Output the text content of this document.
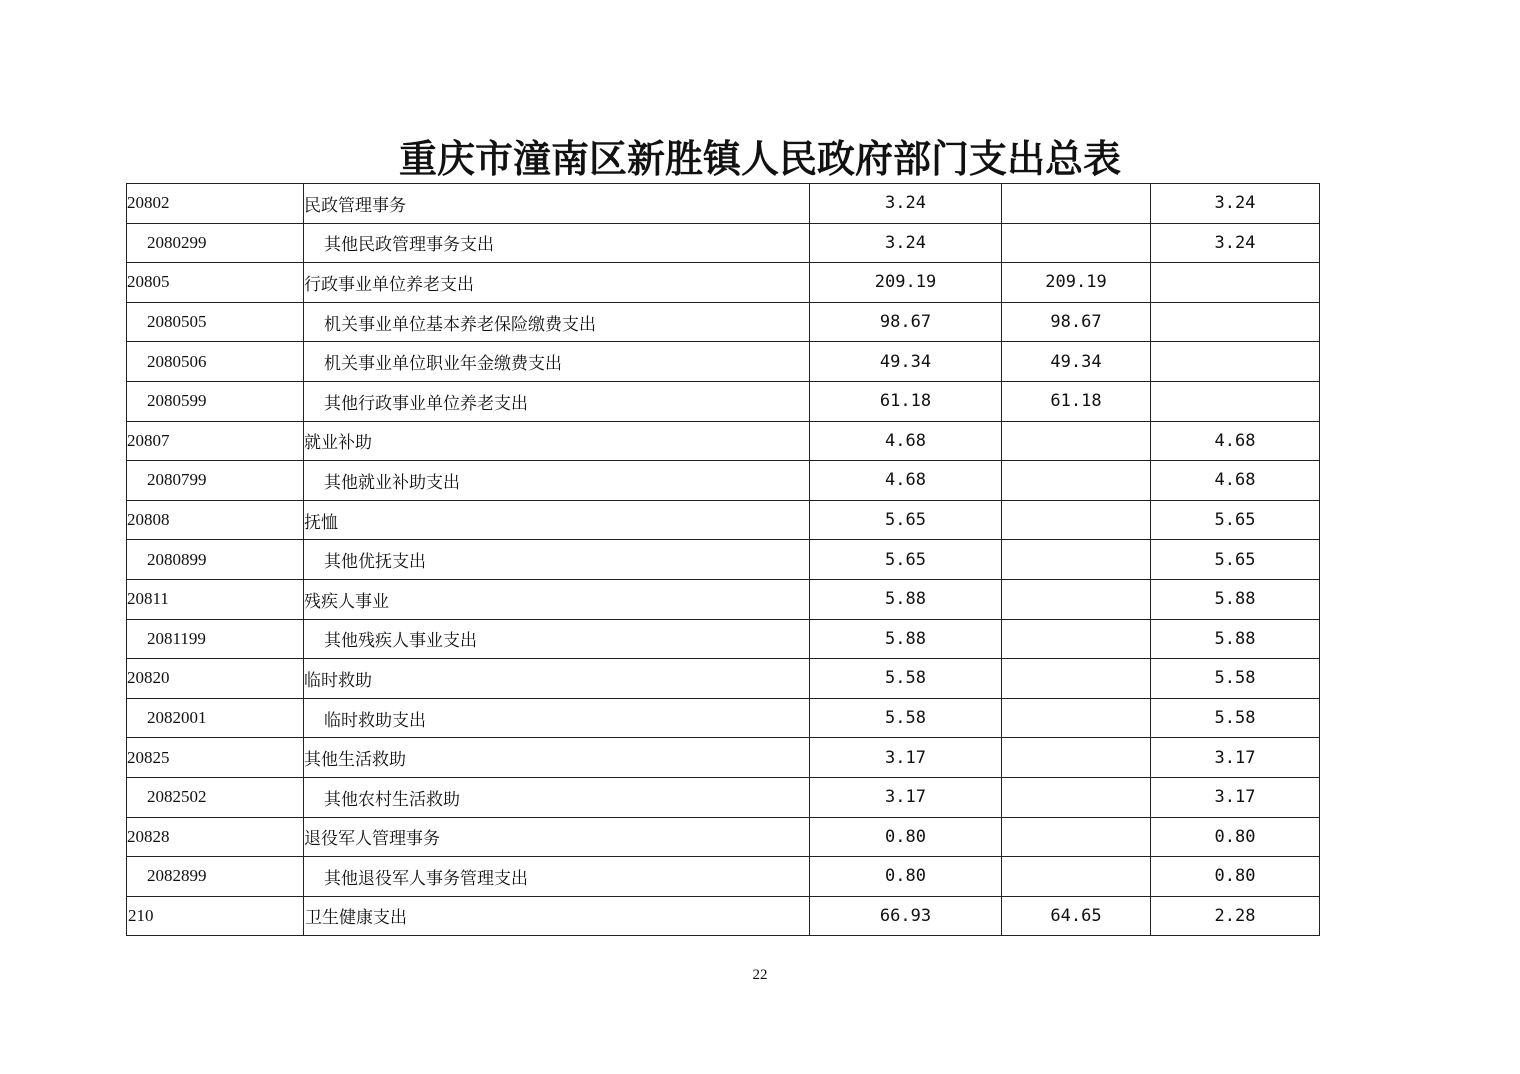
重庆市潼南区新胜镇人民政府部门支出总表
20802	民政管理事务	3.24		3.24
2080299	其他民政管理事务支出	3.24		3.24
20805	行政事业单位养老支出	209.19	209.19	
2080505	机关事业单位基本养老保险缴费支出	98.67	98.67	
2080506	机关事业单位职业年金缴费支出	49.34	49.34	
2080599	其他行政事业单位养老支出	61.18	61.18	
20807	就业补助	4.68		4.68
2080799	其他就业补助支出	4.68		4.68
20808	抚恤	5.65		5.65
2080899	其他优抚支出	5.65		5.65
20811	残疾人事业	5.88		5.88
2081199	其他残疾人事业支出	5.88		5.88
20820	临时救助	5.58		5.58
2082001	临时救助支出	5.58		5.58
20825	其他生活救助	3.17		3.17
2082502	其他农村生活救助	3.17		3.17
20828	退役军人管理事务	0.80		0.80
2082899	其他退役军人事务管理支出	0.80		0.80
210	卫生健康支出	66.93	64.65	2.28
22
